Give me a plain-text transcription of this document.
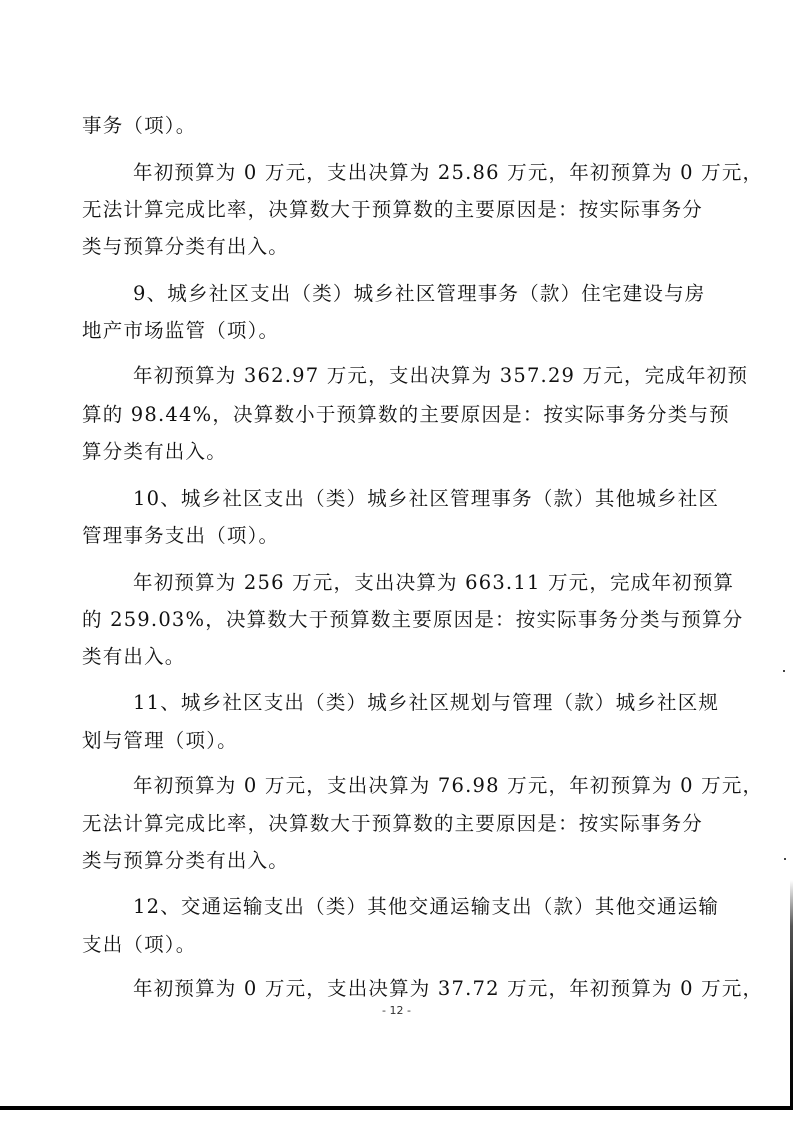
事务（项）。
年初预算为 0 万元，支出决算为 25.86 万元，年初预算为 0 万元，
无法计算完成比率，决算数大于预算数的主要原因是：按实际事务分
类与预算分类有出入。
9、城乡社区支出（类）城乡社区管理事务（款）住宅建设与房
地产市场监管（项）。
年初预算为 362.97 万元，支出决算为 357.29 万元，完成年初预
算的 98.44%，决算数小于预算数的主要原因是：按实际事务分类与预
算分类有出入。
10、城乡社区支出（类）城乡社区管理事务（款）其他城乡社区
管理事务支出（项）。
年初预算为 256 万元，支出决算为 663.11 万元，完成年初预算
的 259.03%，决算数大于预算数主要原因是：按实际事务分类与预算分
类有出入。
11、城乡社区支出（类）城乡社区规划与管理（款）城乡社区规
划与管理（项）。
年初预算为 0 万元，支出决算为 76.98 万元，年初预算为 0 万元，
无法计算完成比率，决算数大于预算数的主要原因是：按实际事务分
类与预算分类有出入。
12、交通运输支出（类）其他交通运输支出（款）其他交通运输
支出（项）。
年初预算为 0 万元，支出决算为 37.72 万元，年初预算为 0 万元，
- 12 -
